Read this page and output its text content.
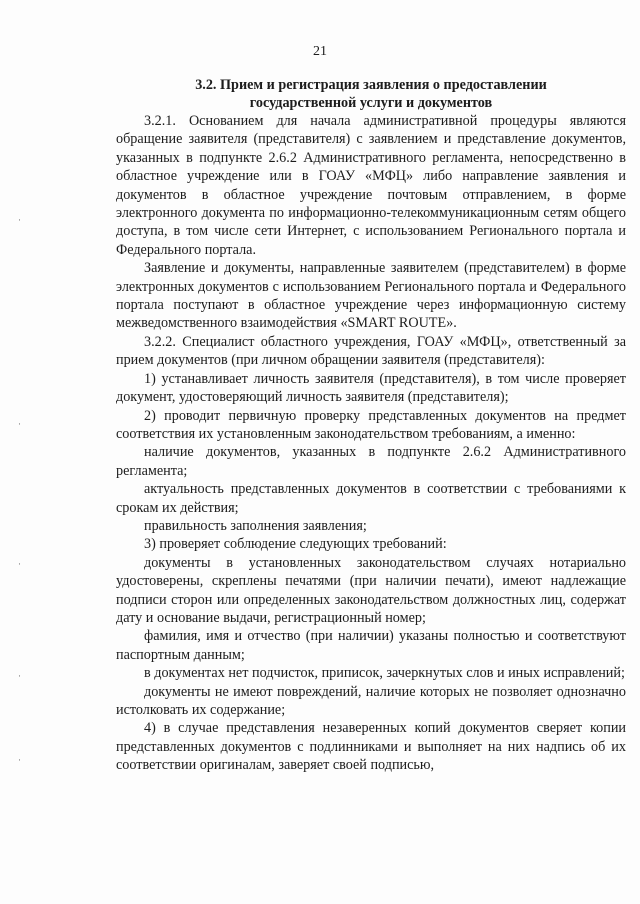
21
3.2. Прием и регистрация заявления о предоставлении
государственной услуги и документов

3.2.1. Основанием для начала административной процедуры являются обращение заявителя (представителя) с заявлением и представление документов, указанных в подпункте 2.6.2 Административного регламента, непосредственно в областное учреждение или в ГОАУ «МФЦ» либо направление заявления и документов в областное учреждение почтовым отправлением, в форме электронного документа по информационно-телекоммуникационным сетям общего доступа, в том числе сети Интернет, с использованием Регионального портала и Федерального портала.

Заявление и документы, направленные заявителем (представителем) в форме электронных документов с использованием Регионального портала и Федерального портала поступают в областное учреждение через информационную систему межведомственного взаимодействия «SMART ROUTE».

3.2.2. Специалист областного учреждения, ГОАУ «МФЦ», ответственный за прием документов (при личном обращении заявителя (представителя):

1) устанавливает личность заявителя (представителя), в том числе проверяет документ, удостоверяющий личность заявителя (представителя);

2) проводит первичную проверку представленных документов на предмет соответствия их установленным законодательством требованиям, а именно:

наличие документов, указанных в подпункте 2.6.2 Административного регламента;

актуальность представленных документов в соответствии с требованиями к срокам их действия;

правильность заполнения заявления;

3) проверяет соблюдение следующих требований:

документы в установленных законодательством случаях нотариально удостоверены, скреплены печатями (при наличии печати), имеют надлежащие подписи сторон или определенных законодательством должностных лиц, содержат дату и основание выдачи, регистрационный номер;

фамилия, имя и отчество (при наличии) указаны полностью и соответствуют паспортным данным;

в документах нет подчисток, приписок, зачеркнутых слов и иных исправлений;

документы не имеют повреждений, наличие которых не позволяет однозначно истолковать их содержание;

4) в случае представления незаверенных копий документов сверяет копии представленных документов с подлинниками и выполняет на них надпись об их соответствии оригиналам, заверяет своей подписью,

·
·
·
·
·
